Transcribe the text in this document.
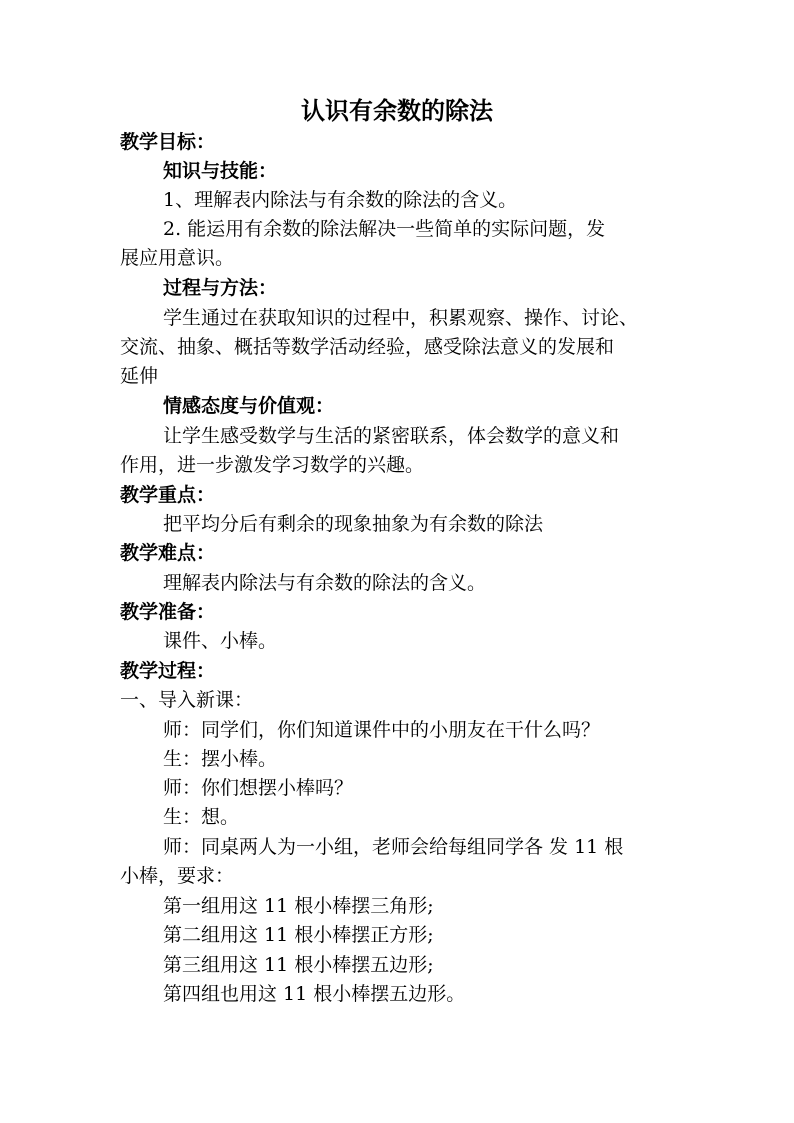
认识有余数的除法
教学目标：
知识与技能：
1、理解表内除法与有余数的除法的含义。
2. 能运用有余数的除法解决一些简单的实际问题，发
展应用意识。
过程与方法：
学生通过在获取知识的过程中，积累观察、操作、讨论、
交流、抽象、概括等数学活动经验，感受除法意义的发展和
延伸
情感态度与价值观：
让学生感受数学与生活的紧密联系，体会数学的意义和
作用，进一步激发学习数学的兴趣。
教学重点：
把平均分后有剩余的现象抽象为有余数的除法
教学难点：
理解表内除法与有余数的除法的含义。
教学准备：
课件、小棒。
教学过程：
一、导入新课：
师：同学们，你们知道课件中的小朋友在干什么吗？
生：摆小棒。
师：你们想摆小棒吗？
生：想。
师：同桌两人为一小组，老师会给每组同学各 发 11 根
小棒，要求：
第一组用这 11 根小棒摆三角形;
第二组用这 11 根小棒摆正方形;
第三组用这 11 根小棒摆五边形;
第四组也用这 11 根小棒摆五边形。
